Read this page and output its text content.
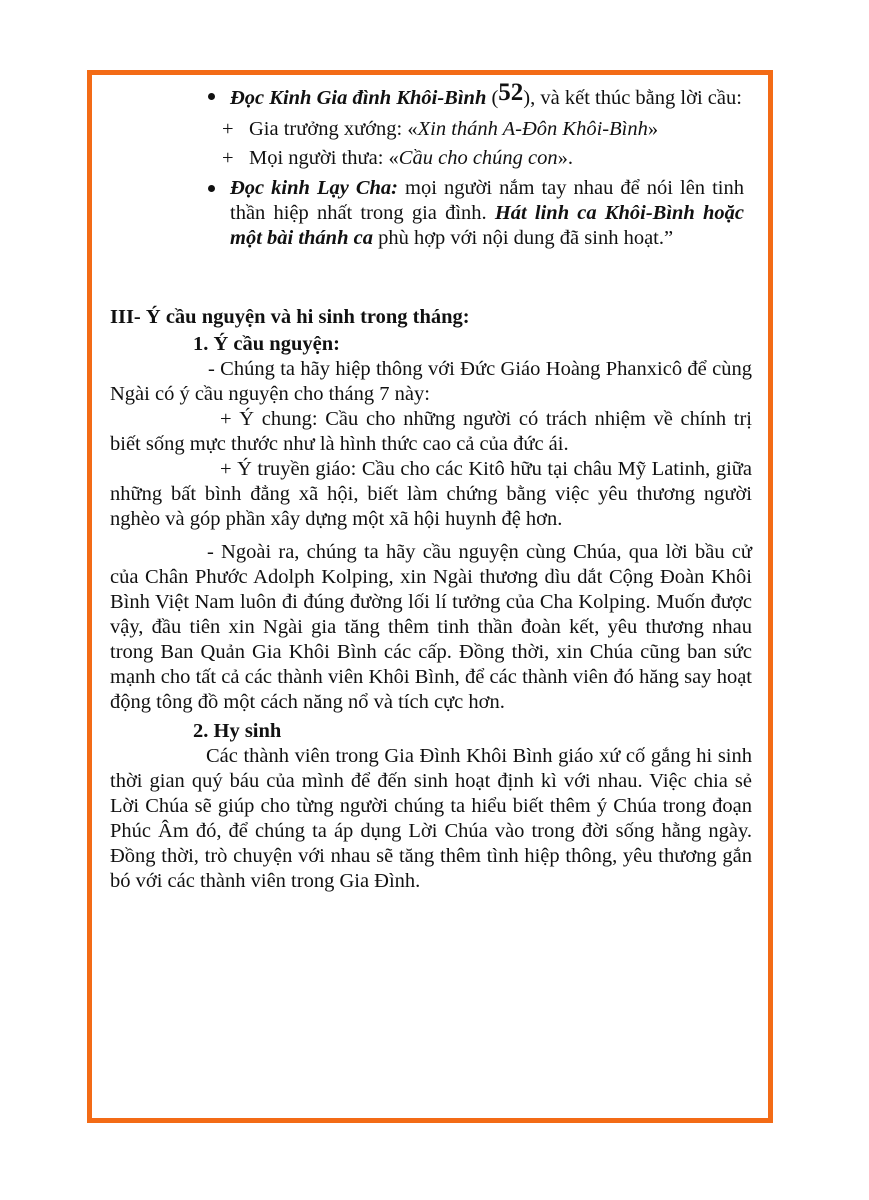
Đọc Kinh Gia đình Khôi-Bình (52), và kết thúc bằng lời cầu:

+ Gia trưởng xướng: «Xin thánh A-Đôn Khôi-Bình»

+ Mọi người thưa: «Cầu cho chúng con».

Đọc kinh Lạy Cha: mọi người nắm tay nhau để nói lên tinh thần hiệp nhất trong gia đình. Hát linh ca Khôi-Bình hoặc một bài thánh ca phù hợp với nội dung đã sinh hoạt.”

III- Ý cầu nguyện và hi sinh trong tháng:

1. Ý cầu nguyện:

- Chúng ta hãy hiệp thông với Đức Giáo Hoàng Phanxicô để cùng Ngài có ý cầu nguyện cho tháng 7 này:

+ Ý chung: Cầu cho những người có trách nhiệm về chính trị biết sống mực thước như là hình thức cao cả của đức ái.

+ Ý truyền giáo: Cầu cho các Kitô hữu tại châu Mỹ Latinh, giữa những bất bình đẳng xã hội, biết làm chứng bằng việc yêu thương người nghèo và góp phần xây dựng một xã hội huynh đệ hơn.

- Ngoài ra, chúng ta hãy cầu nguyện cùng Chúa, qua lời bầu cử của Chân Phước Adolph Kolping, xin Ngài thương dìu dắt Cộng Đoàn Khôi Bình Việt Nam luôn đi đúng đường lối lí tưởng của Cha Kolping. Muốn được vậy, đầu tiên xin Ngài gia tăng thêm tinh thần đoàn kết, yêu thương nhau trong Ban Quản Gia Khôi Bình các cấp. Đồng thời, xin Chúa cũng ban sức mạnh cho tất cả các thành viên Khôi Bình, để các thành viên đó hăng say hoạt động tông đồ một cách năng nổ và tích cực hơn.

2. Hy sinh

Các thành viên trong Gia Đình Khôi Bình giáo xứ cố gắng hi sinh thời gian quý báu của mình để đến sinh hoạt định kì với nhau. Việc chia sẻ Lời Chúa sẽ giúp cho từng người chúng ta hiểu biết thêm ý Chúa trong đoạn Phúc Âm đó, để chúng ta áp dụng Lời Chúa vào trong đời sống hằng ngày. Đồng thời, trò chuyện với nhau sẽ tăng thêm tình hiệp thông, yêu thương gắn bó với các thành viên trong Gia Đình.
